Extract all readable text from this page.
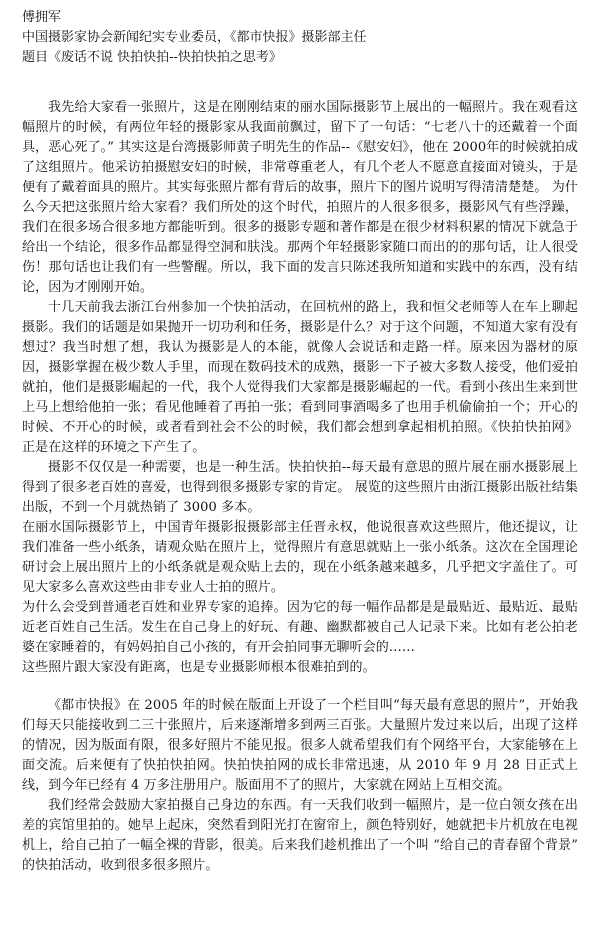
傅拥军

中国摄影家协会新闻纪实专业委员，《都市快报》摄影部主任

题目《废话不说 快拍快拍--快拍快拍之思考》

我先给大家看一张照片，这是在刚刚结束的丽水国际摄影节上展出的一幅照片。我在观看这幅照片的时候，有两位年轻的摄影家从我面前飘过，留下了一句话：“七老八十的还戴着一个面具，恶心死了。” 其实这是台湾摄影师黄子明先生的作品--《慰安妇》，他在 2000年的时候就拍成了这组照片。他采访拍摄慰安妇的时候，非常尊重老人，有几个老人不愿意直接面对镜头，于是便有了戴着面具的照片。其实每张照片都有背后的故事，照片下的图片说明写得清清楚楚。 为什么今天把这张照片给大家看？我们所处的这个时代，拍照片的人很多很多，摄影风气有些浮躁，我们在很多场合很多地方都能听到。很多的摄影专题和著作都是在很少材料积累的情况下就急于给出一个结论，很多作品都显得空洞和肤浅。那两个年轻摄影家随口而出的的那句话，让人很受伤！那句话也让我们有一些警醒。所以，我下面的发言只陈述我所知道和实践中的东西，没有结论，因为才刚刚开始。

十几天前我去浙江台州参加一个快拍活动，在回杭州的路上，我和恒父老师等人在车上聊起摄影。我们的话题是如果抛开一切功利和任务，摄影是什么？对于这个问题，不知道大家有没有想过？我当时想了想，我认为摄影是人的本能，就像人会说话和走路一样。原来因为器材的原因，摄影掌握在极少数人手里，而现在数码技术的成熟，摄影一下子被大多数人接受，他们爱拍就拍，他们是摄影崛起的一代，我个人觉得我们大家都是摄影崛起的一代。看到小孩出生来到世上马上想给他拍一张；看见他睡着了再拍一张；看到同事酒喝多了也用手机偷偷拍一个；开心的时候、不开心的时候，或者看到社会不公的时候，我们都会想到拿起相机拍照。《快拍快拍网》正是在这样的环境之下产生了。

摄影不仅仅是一种需要，也是一种生活。快拍快拍--每天最有意思的照片展在丽水摄影展上得到了很多老百姓的喜爱，也得到很多摄影专家的肯定。 展览的这些照片由浙江摄影出版社结集出版，不到一个月就热销了 3000 多本。

在丽水国际摄影节上，中国青年摄影报摄影部主任晋永权，他说很喜欢这些照片，他还提议，让我们准备一些小纸条，请观众贴在照片上，觉得照片有意思就贴上一张小纸条。这次在全国理论研讨会上展出照片上的小纸条就是观众贴上去的，现在小纸条越来越多，几乎把文字盖住了。可见大家多么喜欢这些由非专业人士拍的照片。

为什么会受到普通老百姓和业界专家的追捧。因为它的每一幅作品都是是最贴近、最贴近、最贴近老百姓自己生活。发生在自己身上的好玩、有趣、幽默都被自己人记录下来。比如有老公拍老婆在家睡着的，有妈妈拍自己小孩的，有开会拍同事无聊听会的……

这些照片跟大家没有距离，也是专业摄影师根本很难拍到的。

《都市快报》在 2005 年的时候在版面上开设了一个栏目叫“每天最有意思的照片”，开始我们每天只能接收到二三十张照片，后来逐渐增多到两三百张。大量照片发过来以后，出现了这样的情况，因为版面有限，很多好照片不能见报。很多人就希望我们有个网络平台，大家能够在上面交流。后来便有了快拍快拍网。快拍快拍网的成长非常迅速，从 2010 年 9 月 28 日正式上线，到今年已经有 4 万多注册用户。版面用不了的照片，大家就在网站上互相交流。

我们经常会鼓励大家拍摄自己身边的东西。有一天我们收到一幅照片，是一位白领女孩在出差的宾馆里拍的。她早上起床，突然看到阳光打在窗帘上，颜色特别好，她就把卡片机放在电视机上，给自己拍了一幅全裸的背影，很美。后来我们趁机推出了一个叫 “给自己的青春留个背景” 的快拍活动，收到很多很多照片。
